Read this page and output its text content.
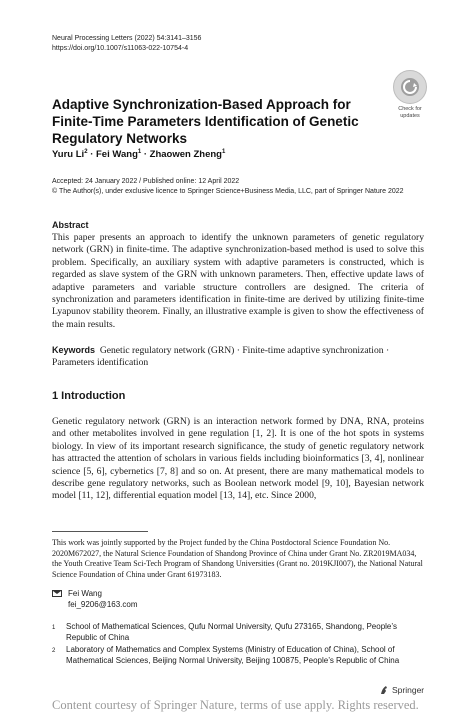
Neural Processing Letters (2022) 54:3141–3156
https://doi.org/10.1007/s11063-022-10754-4
Check for
updates
Adaptive Synchronization-Based Approach for Finite-Time Parameters Identification of Genetic Regulatory Networks
Yuru $Li^2$ · Fei Wang$^1$ · Zhaowen Zheng$^1$
Accepted: 24 January 2022 / Published online: 12 April 2022
© The Author(s), under exclusive licence to Springer Science+Business Media, LLC, part of Springer Nature 2022
Abstract
This paper presents an approach to identify the unknown parameters of genetic regulatory network (GRN) in finite-time. The adaptive synchronization-based method is used to solve this problem. Specifically, an auxiliary system with adaptive parameters is constructed, which is regarded as slave system of the GRN with unknown parameters. Then, effective update laws of adaptive parameters and variable structure controllers are designed. The criteria of synchronization and parameters identification in finite-time are derived by utilizing finite-time Lyapunov stability theorem. Finally, an illustrative example is given to show the effectiveness of the main results.
Keywords Genetic regulatory network (GRN) · Finite-time adaptive synchronization · Parameters identification
1 Introduction
Genetic regulatory network (GRN) is an interaction network formed by DNA, RNA, proteins and other metabolites involved in gene regulation [1, 2]. It is one of the hot spots in systems biology. In view of its important research significance, the study of genetic regulatory network has attracted the attention of scholars in various fields including bioinformatics [3, 4], nonlinear science [5, 6], cybernetics [7, 8] and so on. At present, there are many mathematical models to describe gene regulatory networks, such as Boolean network model [9, 10], Bayesian network model [11, 12], differential equation model [13, 14], etc. Since 2000,
This work was jointly supported by the Project funded by the China Postdoctoral Science Foundation No. 2020M672027, the Natural Science Foundation of Shandong Province of China under Grant No. ZR2019MA034, the Youth Creative Team Sci-Tech Program of Shandong Universities (Grant no. 2019KJI007), the National Natural Science Foundation of China under Grant 61973183.
Fei Wang
fei_9206@163.com
1 School of Mathematical Sciences, Qufu Normal University, Qufu 273165, Shandong, People’s Republic of China
2 Laboratory of Mathematics and Complex Systems (Ministry of Education of China), School of Mathematical Sciences, Beijing Normal University, Beijing 100875, People’s Republic of China
Springer
Content courtesy of Springer Nature, terms of use apply. Rights reserved.
